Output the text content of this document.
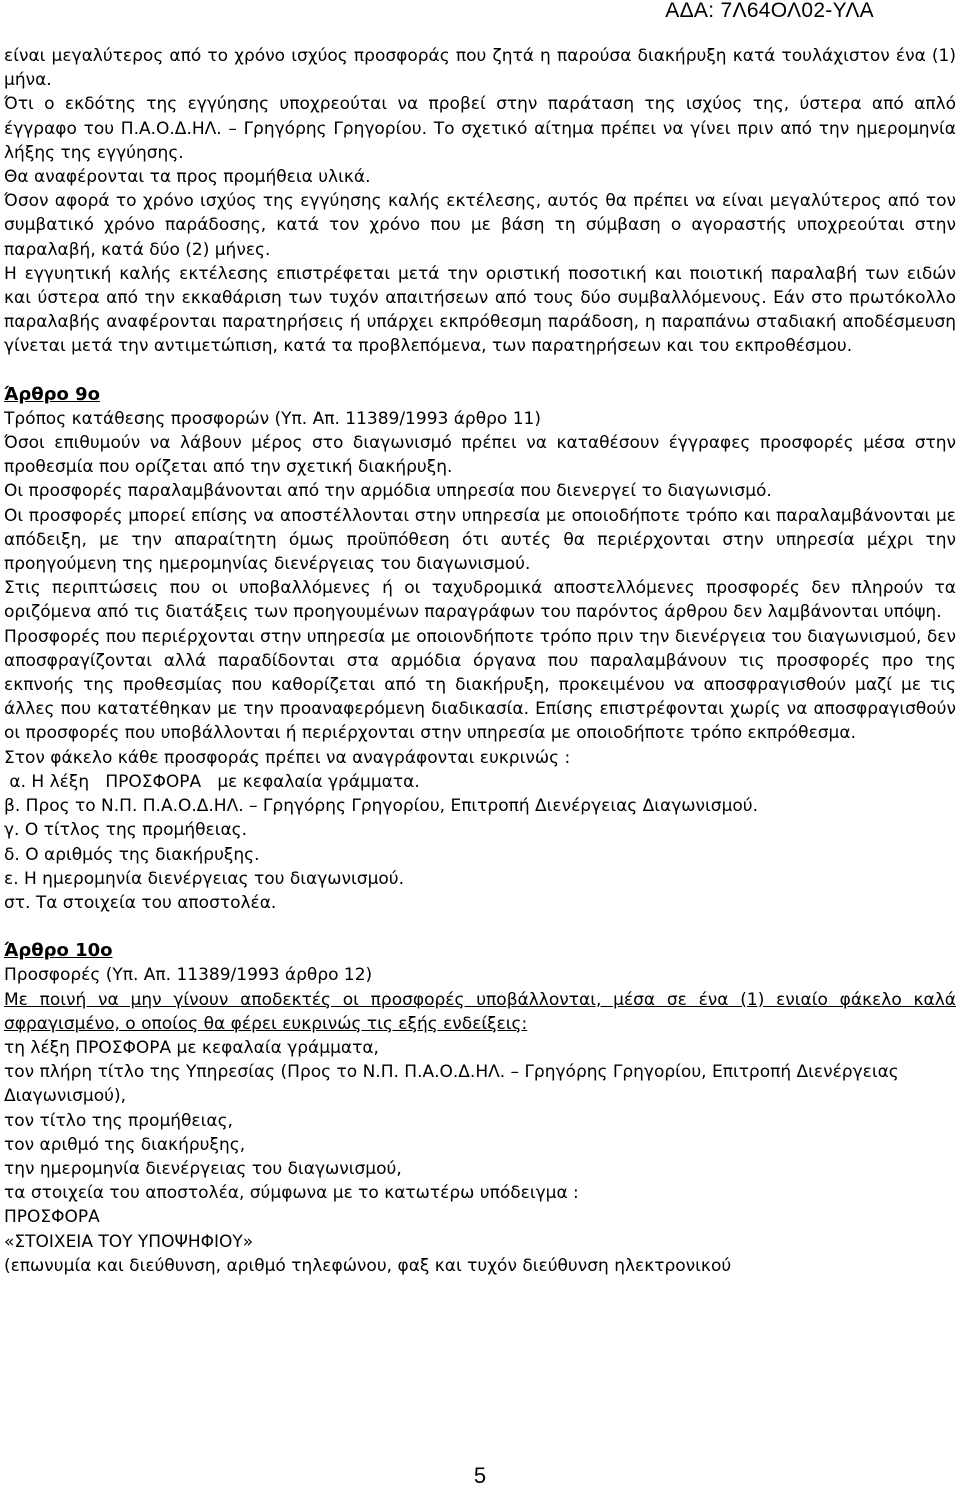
ΑΔΑ: 7Λ64ΟΛ02-ΥΛΑ

είναι μεγαλύτερος από το χρόνο ισχύος προσφοράς που ζητά η παρούσα διακήρυξη κατά τουλάχιστον ένα (1) μήνα.

Ότι ο εκδότης της εγγύησης υποχρεούται να προβεί στην παράταση της ισχύος της, ύστερα από απλό έγγραφο του Π.Α.Ο.Δ.ΗΛ. – Γρηγόρης Γρηγορίου. Το σχετικό αίτημα πρέπει να γίνει πριν από την ημερομηνία λήξης της εγγύησης.

Θα αναφέρονται τα προς προμήθεια υλικά.

Όσον αφορά το χρόνο ισχύος της εγγύησης καλής εκτέλεσης, αυτός θα πρέπει να είναι μεγαλύτερος από τον συμβατικό χρόνο παράδοσης, κατά τον χρόνο που με βάση τη σύμβαση ο αγοραστής υποχρεούται στην παραλαβή, κατά δύο (2) μήνες.

Η εγγυητική καλής εκτέλεσης επιστρέφεται μετά την οριστική ποσοτική και ποιοτική παραλαβή των ειδών και ύστερα από την εκκαθάριση των τυχόν απαιτήσεων από τους δύο συμβαλλόμενους. Εάν στο πρωτόκολλο παραλαβής αναφέρονται παρατηρήσεις ή υπάρχει εκπρόθεσμη παράδοση, η παραπάνω σταδιακή αποδέσμευση γίνεται μετά την αντιμετώπιση, κατά τα προβλεπόμενα, των παρατηρήσεων και του εκπροθέσμου.

Άρθρο 9ο

Τρόπος κατάθεσης προσφορών (Υπ. Απ. 11389/1993 άρθρο 11)

Όσοι επιθυμούν να λάβουν μέρος στο διαγωνισμό πρέπει να καταθέσουν έγγραφες προσφορές μέσα στην προθεσμία που ορίζεται από την σχετική διακήρυξη.

Οι προσφορές παραλαμβάνονται από την αρμόδια υπηρεσία που διενεργεί το διαγωνισμό.

Οι προσφορές μπορεί επίσης να αποστέλλονται στην υπηρεσία με οποιοδήποτε τρόπο και παραλαμβάνονται με απόδειξη, με την απαραίτητη όμως προϋπόθεση ότι αυτές θα περιέρχονται στην υπηρεσία μέχρι την προηγούμενη της ημερομηνίας διενέργειας του διαγωνισμού.

Στις περιπτώσεις που οι υποβαλλόμενες ή οι ταχυδρομικά αποστελλόμενες προσφορές δεν πληρούν τα οριζόμενα από τις διατάξεις των προηγουμένων παραγράφων του παρόντος άρθρου δεν λαμβάνονται υπόψη.

Προσφορές που περιέρχονται στην υπηρεσία με οποιονδήποτε τρόπο πριν την διενέργεια του διαγωνισμού, δεν αποσφραγίζονται αλλά παραδίδονται στα αρμόδια όργανα που παραλαμβάνουν τις προσφορές προ της εκπνοής της προθεσμίας που καθορίζεται από τη διακήρυξη, προκειμένου να αποσφραγισθούν μαζί με τις άλλες που κατατέθηκαν με την προαναφερόμενη διαδικασία. Επίσης επιστρέφονται χωρίς να αποσφραγισθούν οι προσφορές που υποβάλλονται ή περιέρχονται στην υπηρεσία με οποιοδήποτε τρόπο εκπρόθεσμα.

Στον φάκελο κάθε προσφοράς πρέπει να αναγράφονται ευκρινώς :

α. Η λέξη   ΠΡΟΣΦΟΡΑ   με κεφαλαία γράμματα.

β. Προς το Ν.Π. Π.Α.Ο.Δ.ΗΛ. – Γρηγόρης Γρηγορίου, Επιτροπή Διενέργειας Διαγωνισμού.

γ. Ο τίτλος της προμήθειας.

δ. Ο αριθμός της διακήρυξης.

ε. Η ημερομηνία διενέργειας του διαγωνισμού.

στ. Τα στοιχεία του αποστολέα.

Άρθρο 10ο

Προσφορές (Υπ. Απ. 11389/1993 άρθρο 12)

Με ποινή να μην γίνουν αποδεκτές οι προσφορές υποβάλλονται, μέσα σε ένα (1) ενιαίο φάκελο καλά σφραγισμένο, ο οποίος θα φέρει ευκρινώς τις εξής ενδείξεις:

τη λέξη ΠΡΟΣΦΟΡΑ με κεφαλαία γράμματα,

τον πλήρη τίτλο της Υπηρεσίας (Προς το Ν.Π. Π.Α.Ο.Δ.ΗΛ. – Γρηγόρης Γρηγορίου, Επιτροπή Διενέργειας Διαγωνισμού),

τον τίτλο της προμήθειας,

τον αριθμό της διακήρυξης,

την ημερομηνία διενέργειας του διαγωνισμού,

τα στοιχεία του αποστολέα, σύμφωνα με το κατωτέρω υπόδειγμα :

ΠΡΟΣΦΟΡΑ

«ΣΤΟΙΧΕΙΑ ΤΟΥ ΥΠΟΨΗΦΙΟΥ»

(επωνυμία και διεύθυνση, αριθμό τηλεφώνου, φαξ και τυχόν διεύθυνση ηλεκτρονικού

5
